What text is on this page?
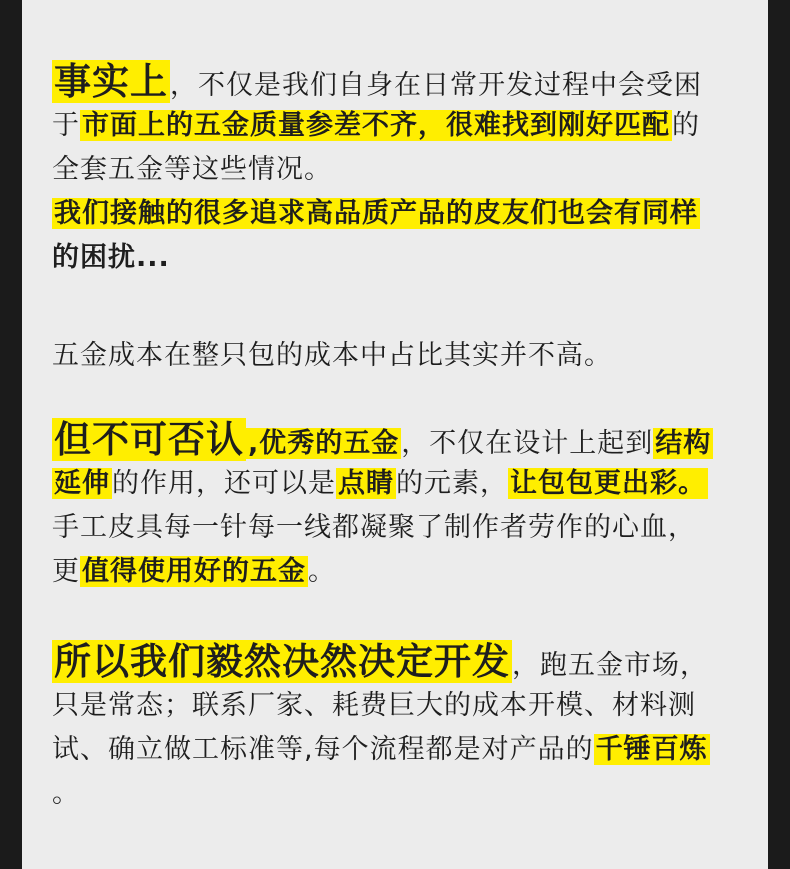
事实上，不仅是我们自身在日常开发过程中会受困
于市面上的五金质量参差不齐，很难找到刚好匹配的
全套五金等这些情况。
我们接触的很多追求高品质产品的皮友们也会有同样
的困扰...
五金成本在整只包的成本中占比其实并不高。
但不可否认 ,优秀的五金，不仅在设计上起到结构
延伸的作用，还可以是点睛的元素，让包包更出彩。
手工皮具每一针每一线都凝聚了制作者劳作的心血，
更值得使用好的五金。
所以我们毅然决然决定开发，跑五金市场，
只是常态；联系厂家、耗费巨大的成本开模、材料测
试、确立做工标准等,每个流程都是对产品的千锤百炼
。
